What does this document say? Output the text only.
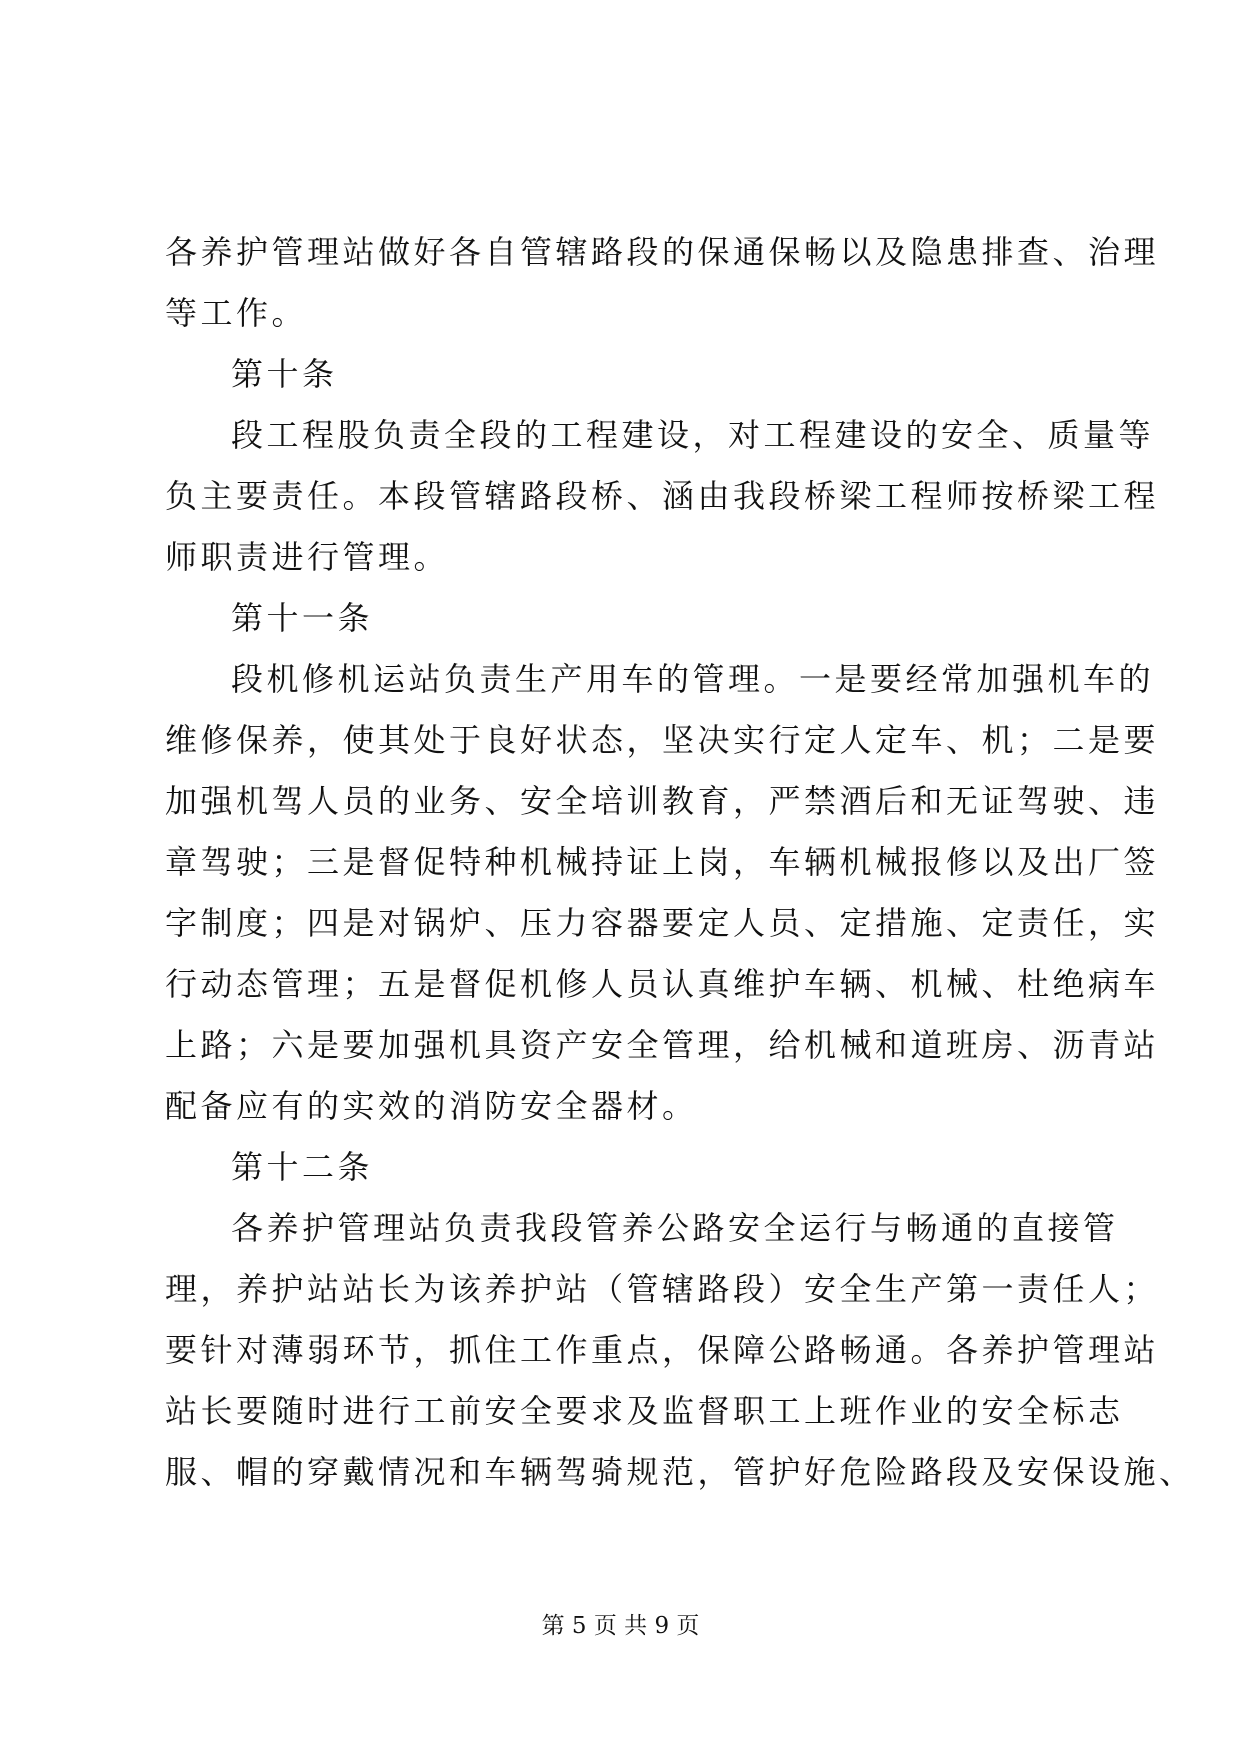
各养护管理站做好各自管辖路段的保通保畅以及隐患排查、治理
等工作。
第十条
段工程股负责全段的工程建设，对工程建设的安全、质量等
负主要责任。本段管辖路段桥、涵由我段桥梁工程师按桥梁工程
师职责进行管理。
第十一条
段机修机运站负责生产用车的管理。一是要经常加强机车的
维修保养，使其处于良好状态，坚决实行定人定车、机；二是要
加强机驾人员的业务、安全培训教育，严禁酒后和无证驾驶、违
章驾驶；三是督促特种机械持证上岗，车辆机械报修以及出厂签
字制度；四是对锅炉、压力容器要定人员、定措施、定责任，实
行动态管理；五是督促机修人员认真维护车辆、机械、杜绝病车
上路；六是要加强机具资产安全管理，给机械和道班房、沥青站
配备应有的实效的消防安全器材。
第十二条
各养护管理站负责我段管养公路安全运行与畅通的直接管
理，养护站站长为该养护站（管辖路段）安全生产第一责任人；
要针对薄弱环节，抓住工作重点，保障公路畅通。各养护管理站
站长要随时进行工前安全要求及监督职工上班作业的安全标志
服、帽的穿戴情况和车辆驾骑规范，管护好危险路段及安保设施、
第 5 页 共 9 页
